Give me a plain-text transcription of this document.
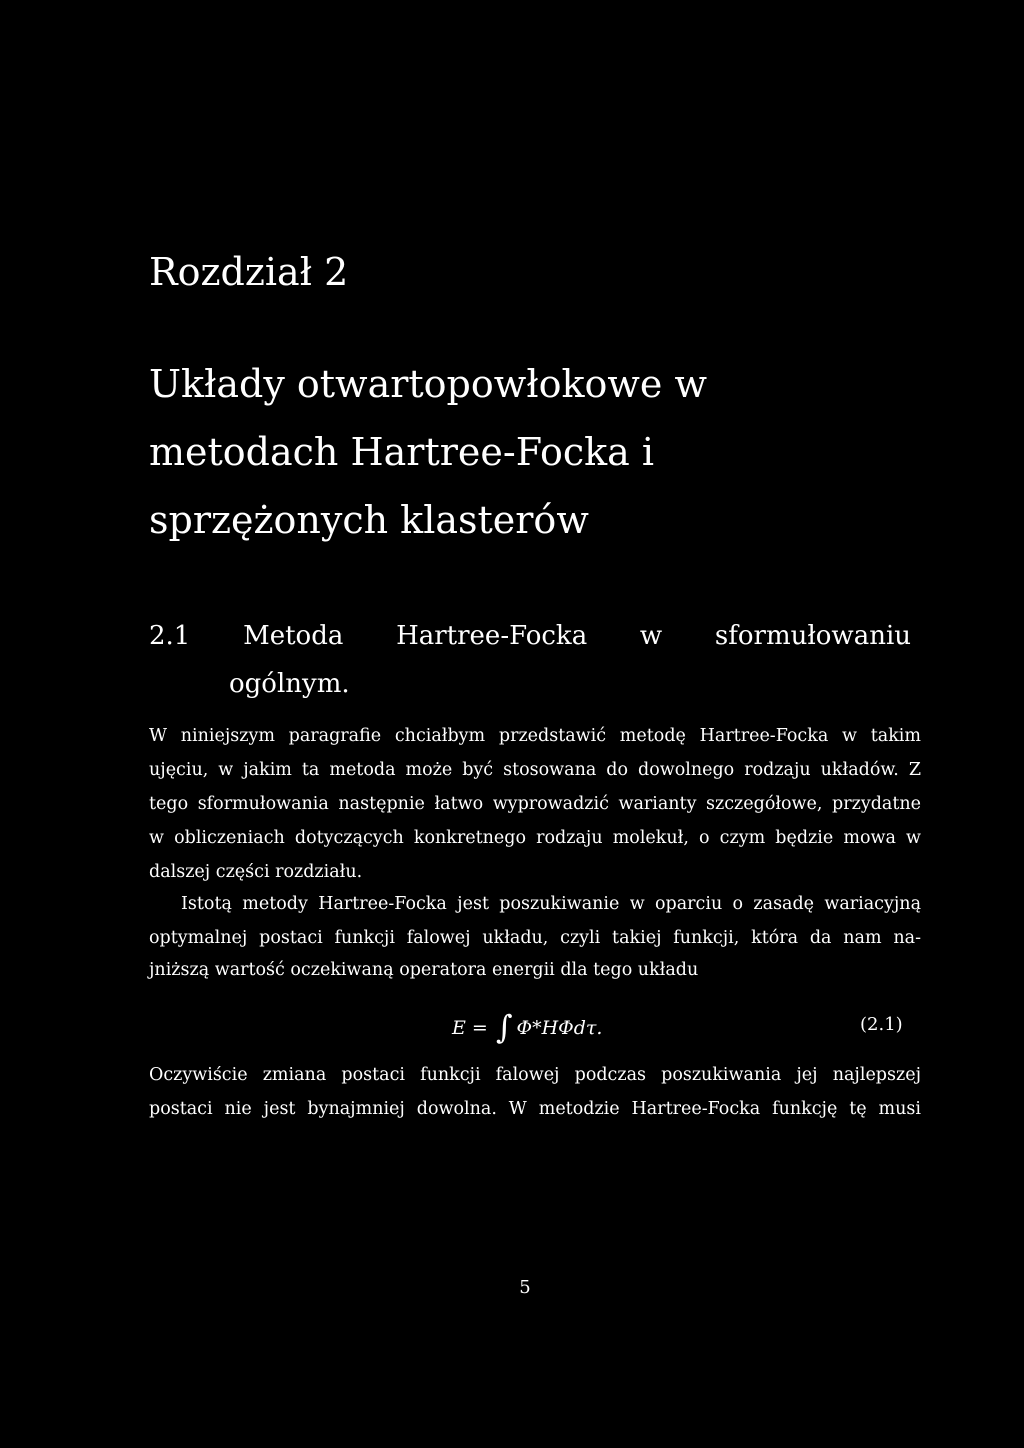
Rozdział 2
Układy otwartopowłokowe w
metodach Hartree-Focka i
sprzężonych klasterów
2.1 Metoda Hartree-Focka w sformułowaniu
ogólnym.
W niniejszym paragrafie chciałbym przedstawić metodę Hartree-Focka w takim
ujęciu, w jakim ta metoda może być stosowana do dowolnego rodzaju układów. Z
tego sformułowania następnie łatwo wyprowadzić warianty szczegółowe, przydatne
w obliczeniach dotyczących konkretnego rodzaju molekuł, o czym będzie mowa w
dalszej części rozdziału.
Istotą metody Hartree-Focka jest poszukiwanie w oparciu o zasadę wariacyjną
optymalnej postaci funkcji falowej układu, czyli takiej funkcji, która da nam na-
jniższą wartość oczekiwaną operatora energii dla tego układu
E = ∫ Φ*HΦdτ.	(2.1)
Oczywiście zmiana postaci funkcji falowej podczas poszukiwania jej najlepszej
postaci nie jest bynajmniej dowolna. W metodzie Hartree-Focka funkcję tę musi
5
